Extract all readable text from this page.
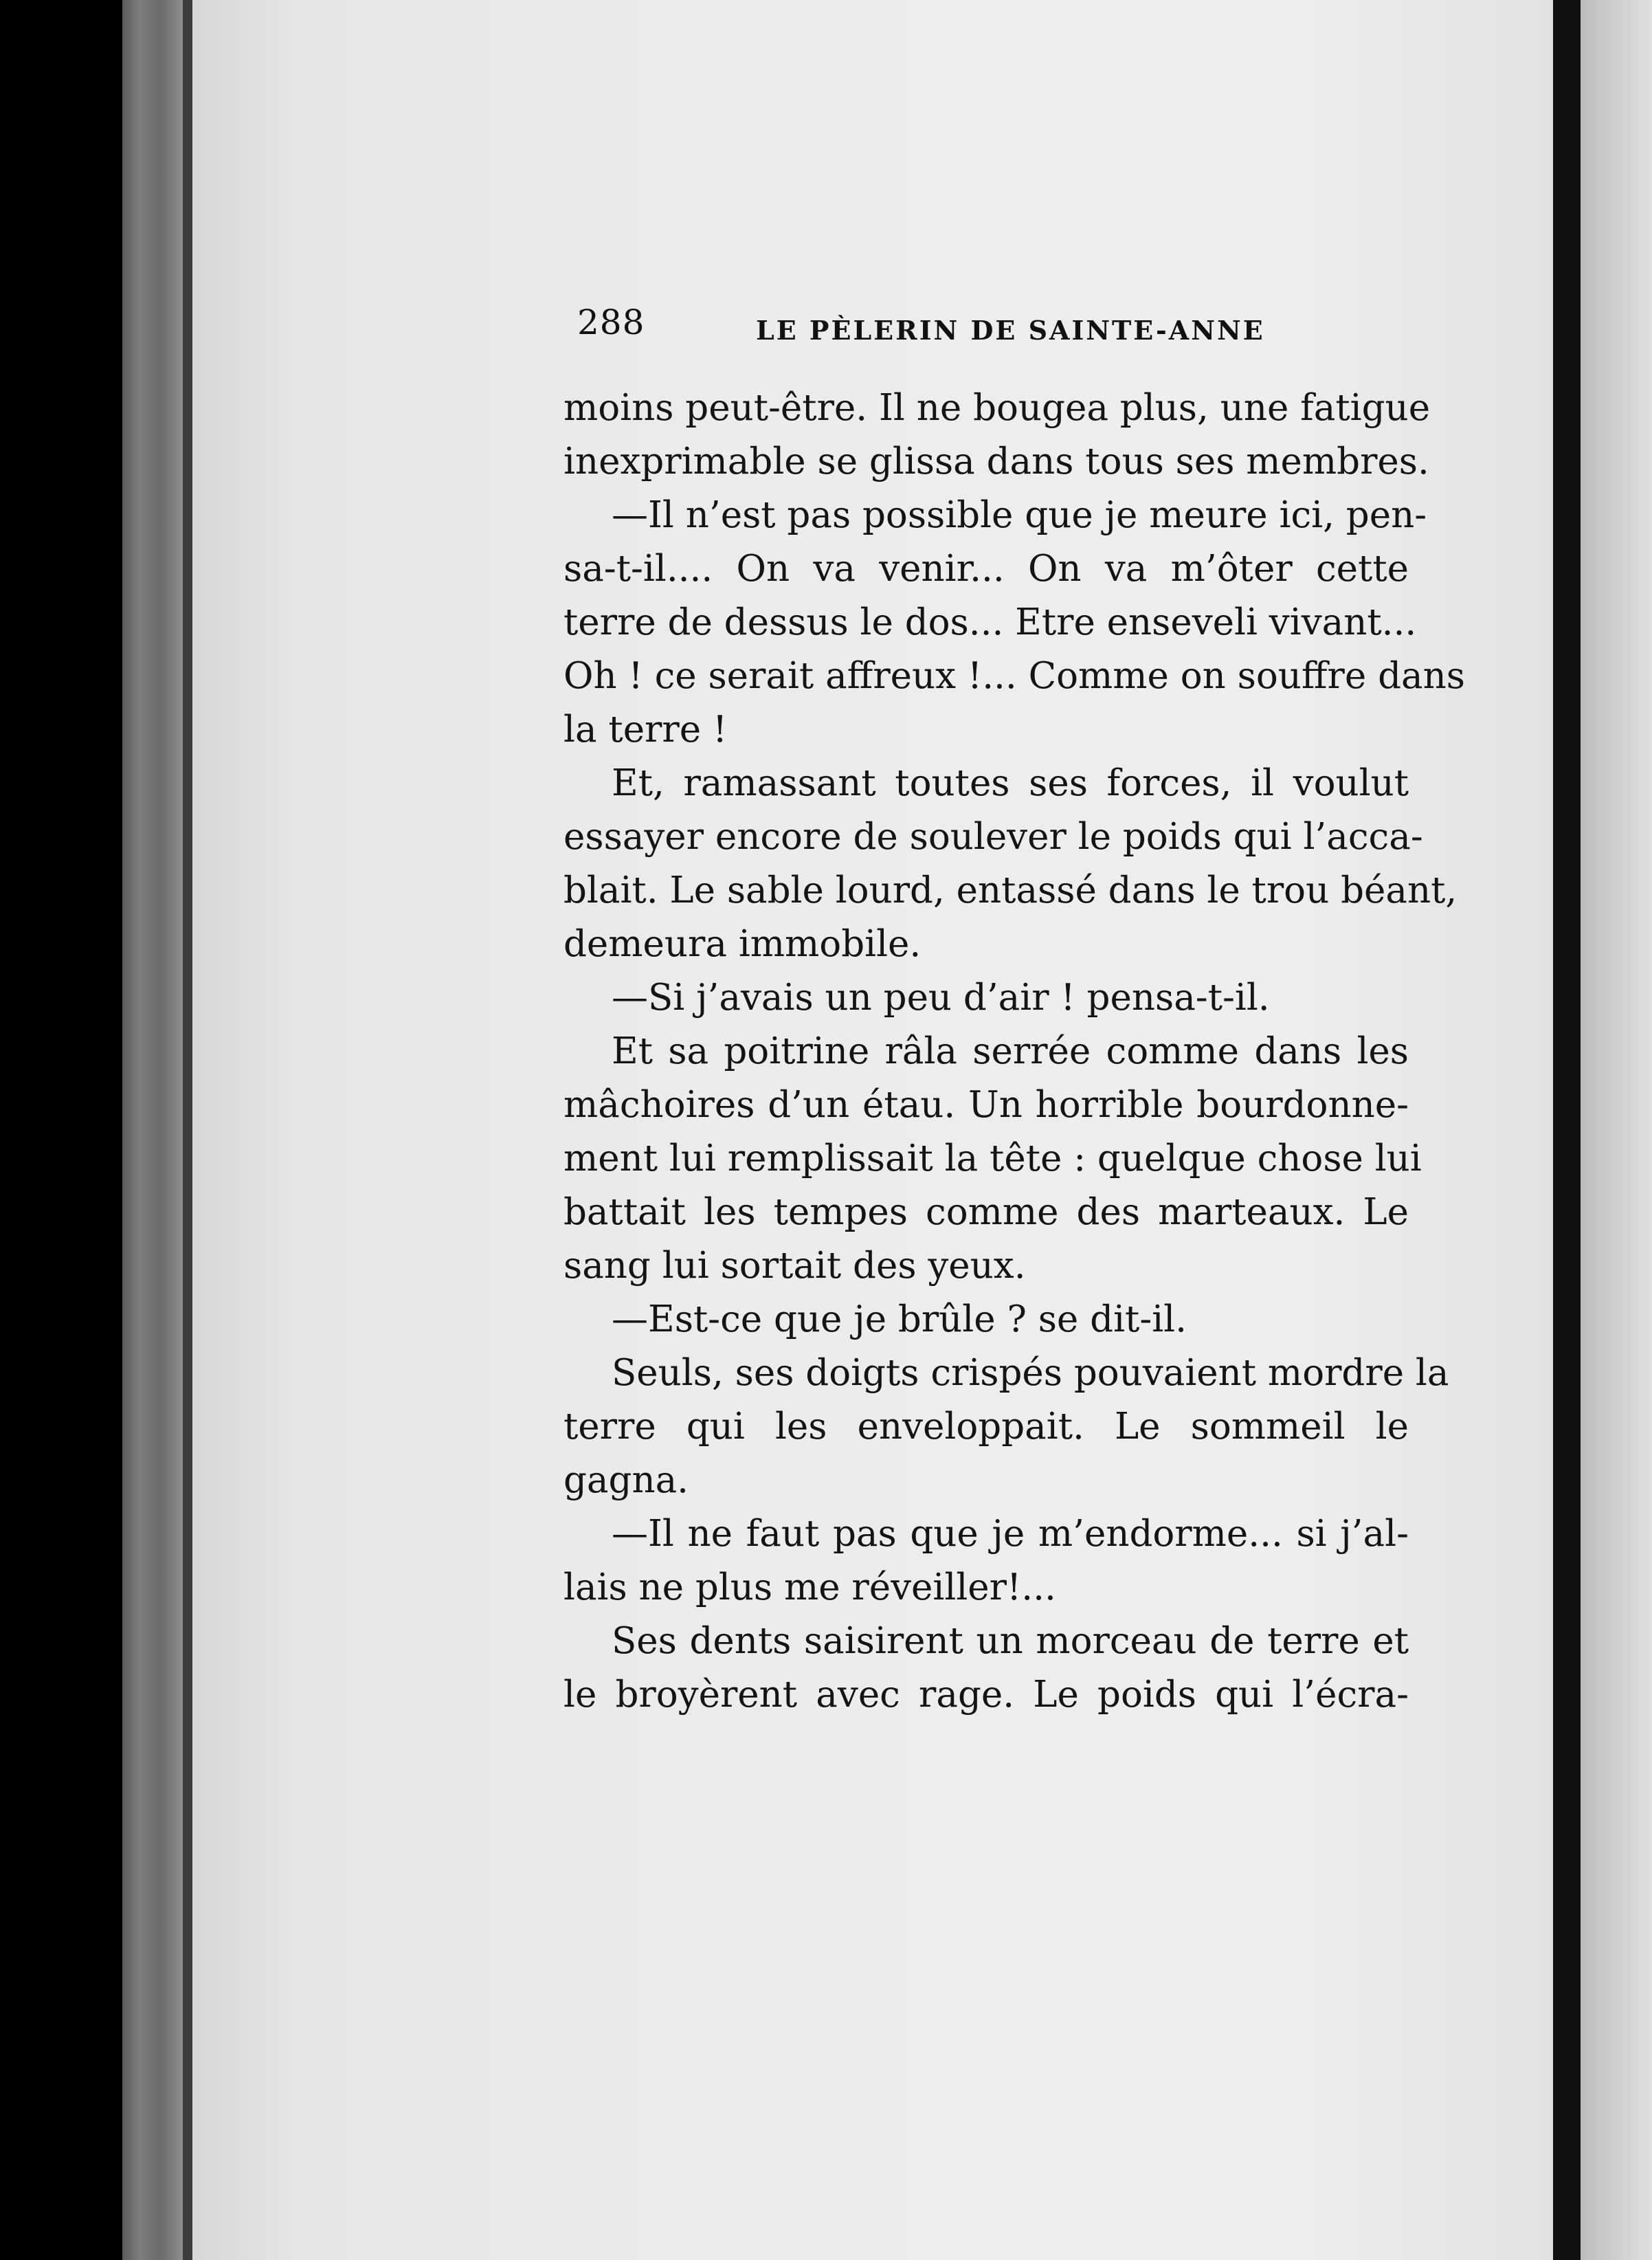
288	LE PÈLERIN DE SAINTE-ANNE
moins peut-être. Il ne bougea plus, une fatigue
inexprimable se glissa dans tous ses membres.
—Il n’est pas possible que je meure ici, pen-
sa-t-il.... On va venir... On va m’ôter cette
terre de dessus le dos... Etre enseveli vivant...
Oh ! ce serait affreux !... Comme on souffre dans
la terre !
Et, ramassant toutes ses forces, il voulut
essayer encore de soulever le poids qui l’acca-
blait. Le sable lourd, entassé dans le trou béant,
demeura immobile.
—Si j’avais un peu d’air ! pensa-t-il.
Et sa poitrine râla serrée comme dans les
mâchoires d’un étau. Un horrible bourdonne-
ment lui remplissait la tête : quelque chose lui
battait les tempes comme des marteaux. Le
sang lui sortait des yeux.
—Est-ce que je brûle ? se dit-il.
Seuls, ses doigts crispés pouvaient mordre la
terre qui les enveloppait. Le sommeil le
gagna.
—Il ne faut pas que je m’endorme... si j’al-
lais ne plus me réveiller!...
Ses dents saisirent un morceau de terre et
le broyèrent avec rage. Le poids qui l’écra-
